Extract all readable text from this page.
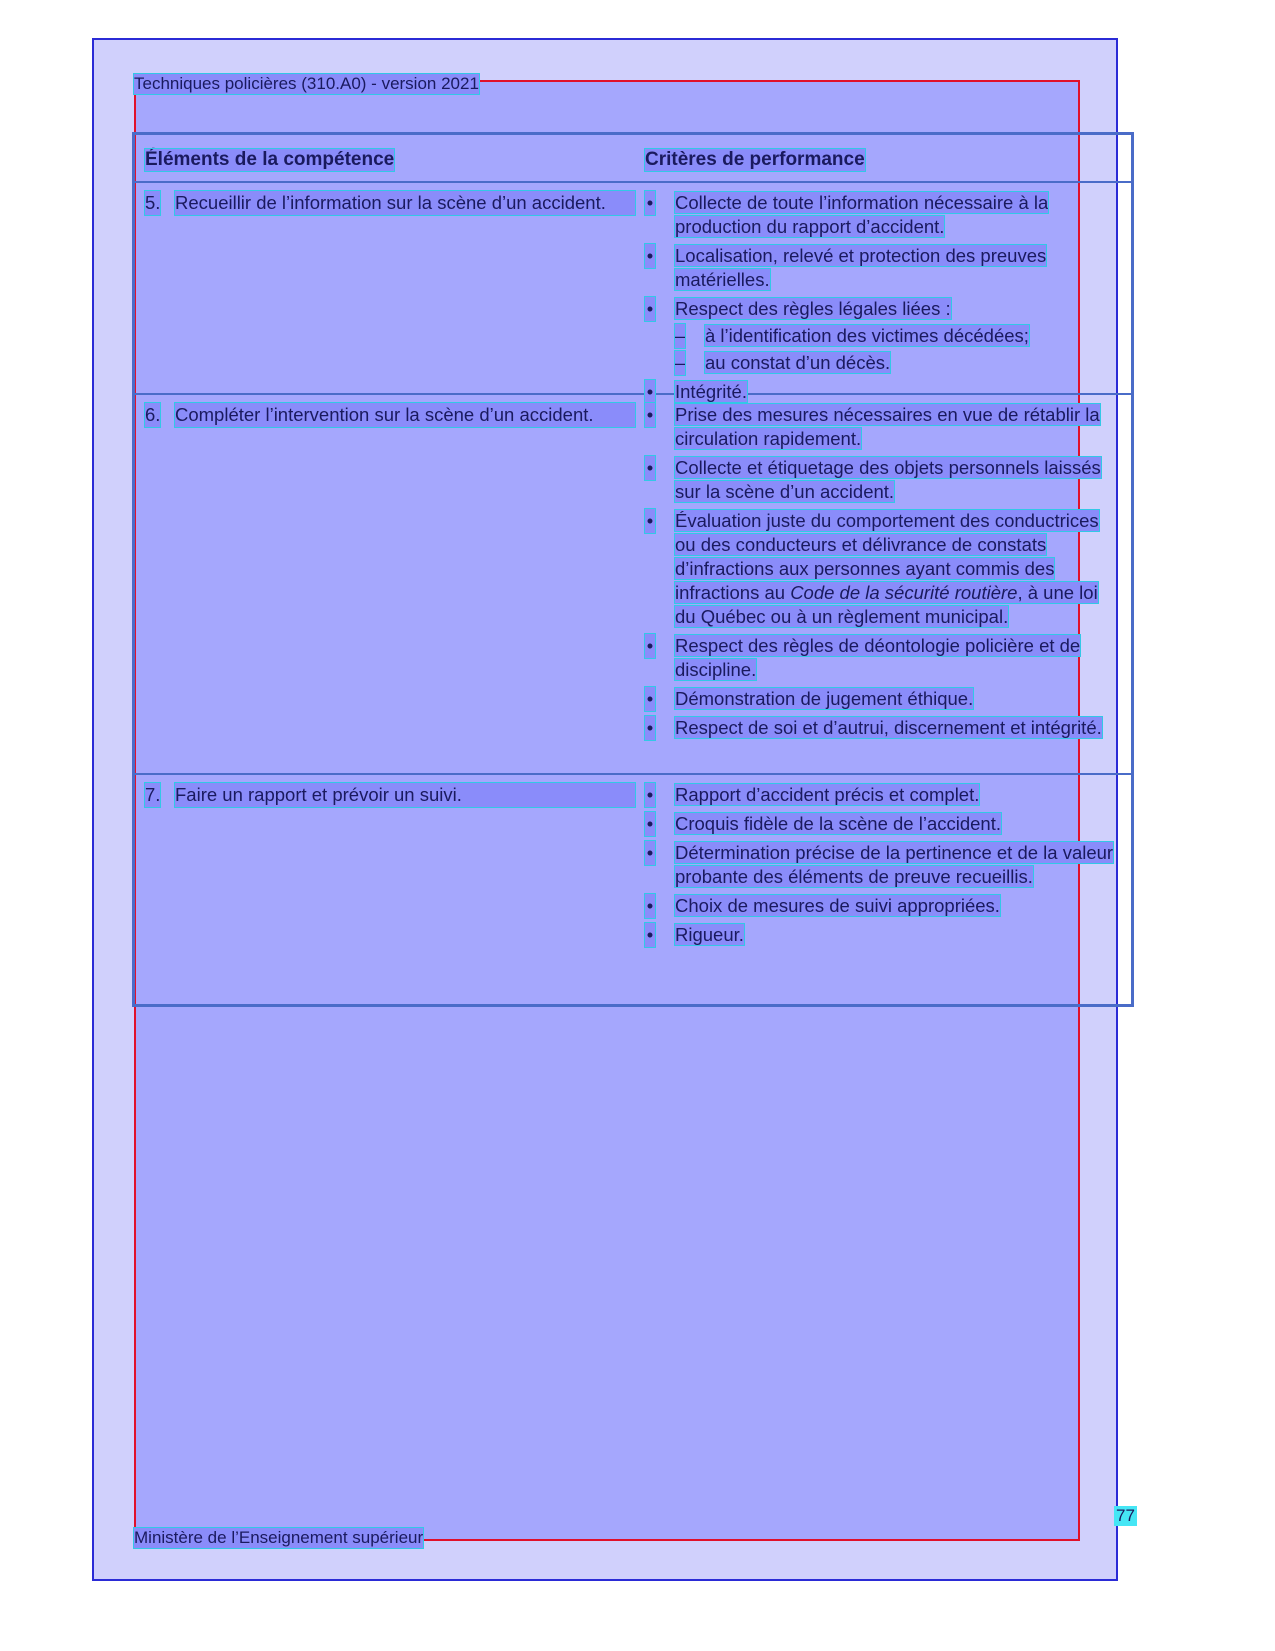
Techniques policières (310.A0) - version 2021
Éléments de la compétence	Critères de performance
5. Recueillir de l’information sur la scène d’un accident.	• Collecte de toute l’information nécessaire à la production du rapport d’accident.
• Localisation, relevé et protection des preuves matérielles.
• Respect des règles légales liées :
– à l’identification des victimes décédées;
– au constat d’un décès.
• Intégrité.
6. Compléter l’intervention sur la scène d’un accident.	• Prise des mesures nécessaires en vue de rétablir la circulation rapidement.
• Collecte et étiquetage des objets personnels laissés sur la scène d’un accident.
• Évaluation juste du comportement des conductrices ou des conducteurs et délivrance de constats d’infractions aux personnes ayant commis des infractions au Code de la sécurité routière, à une loi du Québec ou à un règlement municipal.
• Respect des règles de déontologie policière et de discipline.
• Démonstration de jugement éthique.
• Respect de soi et d’autrui, discernement et intégrité.
7. Faire un rapport et prévoir un suivi.	• Rapport d’accident précis et complet.
• Croquis fidèle de la scène de l’accident.
• Détermination précise de la pertinence et de la valeur probante des éléments de preuve recueillis.
• Choix de mesures de suivi appropriées.
• Rigueur.
Ministère de l’Enseignement supérieur
77
